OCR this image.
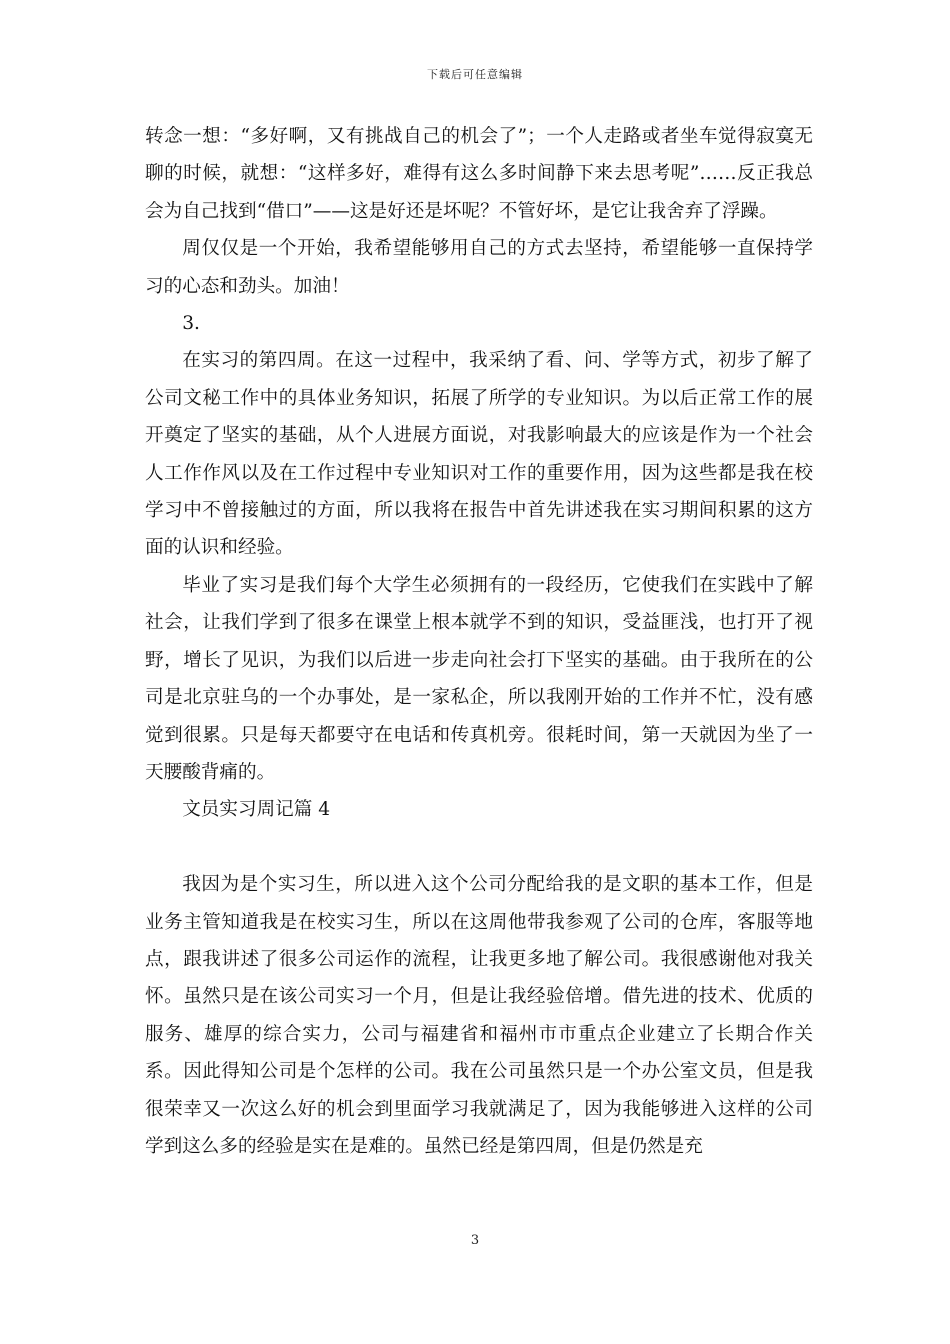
下载后可任意编辑

转念一想：“多好啊，又有挑战自己的机会了”；一个人走路或者坐车觉得寂寞无聊的时候，就想：“这样多好，难得有这么多时间静下来去思考呢”……反正我总会为自己找到“借口”——这是好还是坏呢？不管好坏，是它让我舍弃了浮躁。

周仅仅是一个开始，我希望能够用自己的方式去坚持，希望能够一直保持学习的心态和劲头。加油！

3.

在实习的第四周。在这一过程中，我采纳了看、问、学等方式，初步了解了公司文秘工作中的具体业务知识，拓展了所学的专业知识。为以后正常工作的展开奠定了坚实的基础，从个人进展方面说，对我影响最大的应该是作为一个社会人工作作风以及在工作过程中专业知识对工作的重要作用，因为这些都是我在校学习中不曾接触过的方面，所以我将在报告中首先讲述我在实习期间积累的这方面的认识和经验。

毕业了实习是我们每个大学生必须拥有的一段经历，它使我们在实践中了解社会，让我们学到了很多在课堂上根本就学不到的知识，受益匪浅，也打开了视野，增长了见识，为我们以后进一步走向社会打下坚实的基础。由于我所在的公司是北京驻乌的一个办事处，是一家私企，所以我刚开始的工作并不忙，没有感觉到很累。只是每天都要守在电话和传真机旁。很耗时间，第一天就因为坐了一天腰酸背痛的。

文员实习周记篇 4

我因为是个实习生，所以进入这个公司分配给我的是文职的基本工作，但是业务主管知道我是在校实习生，所以在这周他带我参观了公司的仓库，客服等地点，跟我讲述了很多公司运作的流程，让我更多地了解公司。我很感谢他对我关怀。虽然只是在该公司实习一个月，但是让我经验倍增。借先进的技术、优质的服务、雄厚的综合实力，公司与福建省和福州市市重点企业建立了长期合作关系。因此得知公司是个怎样的公司。我在公司虽然只是一个办公室文员，但是我很荣幸又一次这么好的机会到里面学习我就满足了，因为我能够进入这样的公司学到这么多的经验是实在是难的。虽然已经是第四周，但是仍然是充

3
